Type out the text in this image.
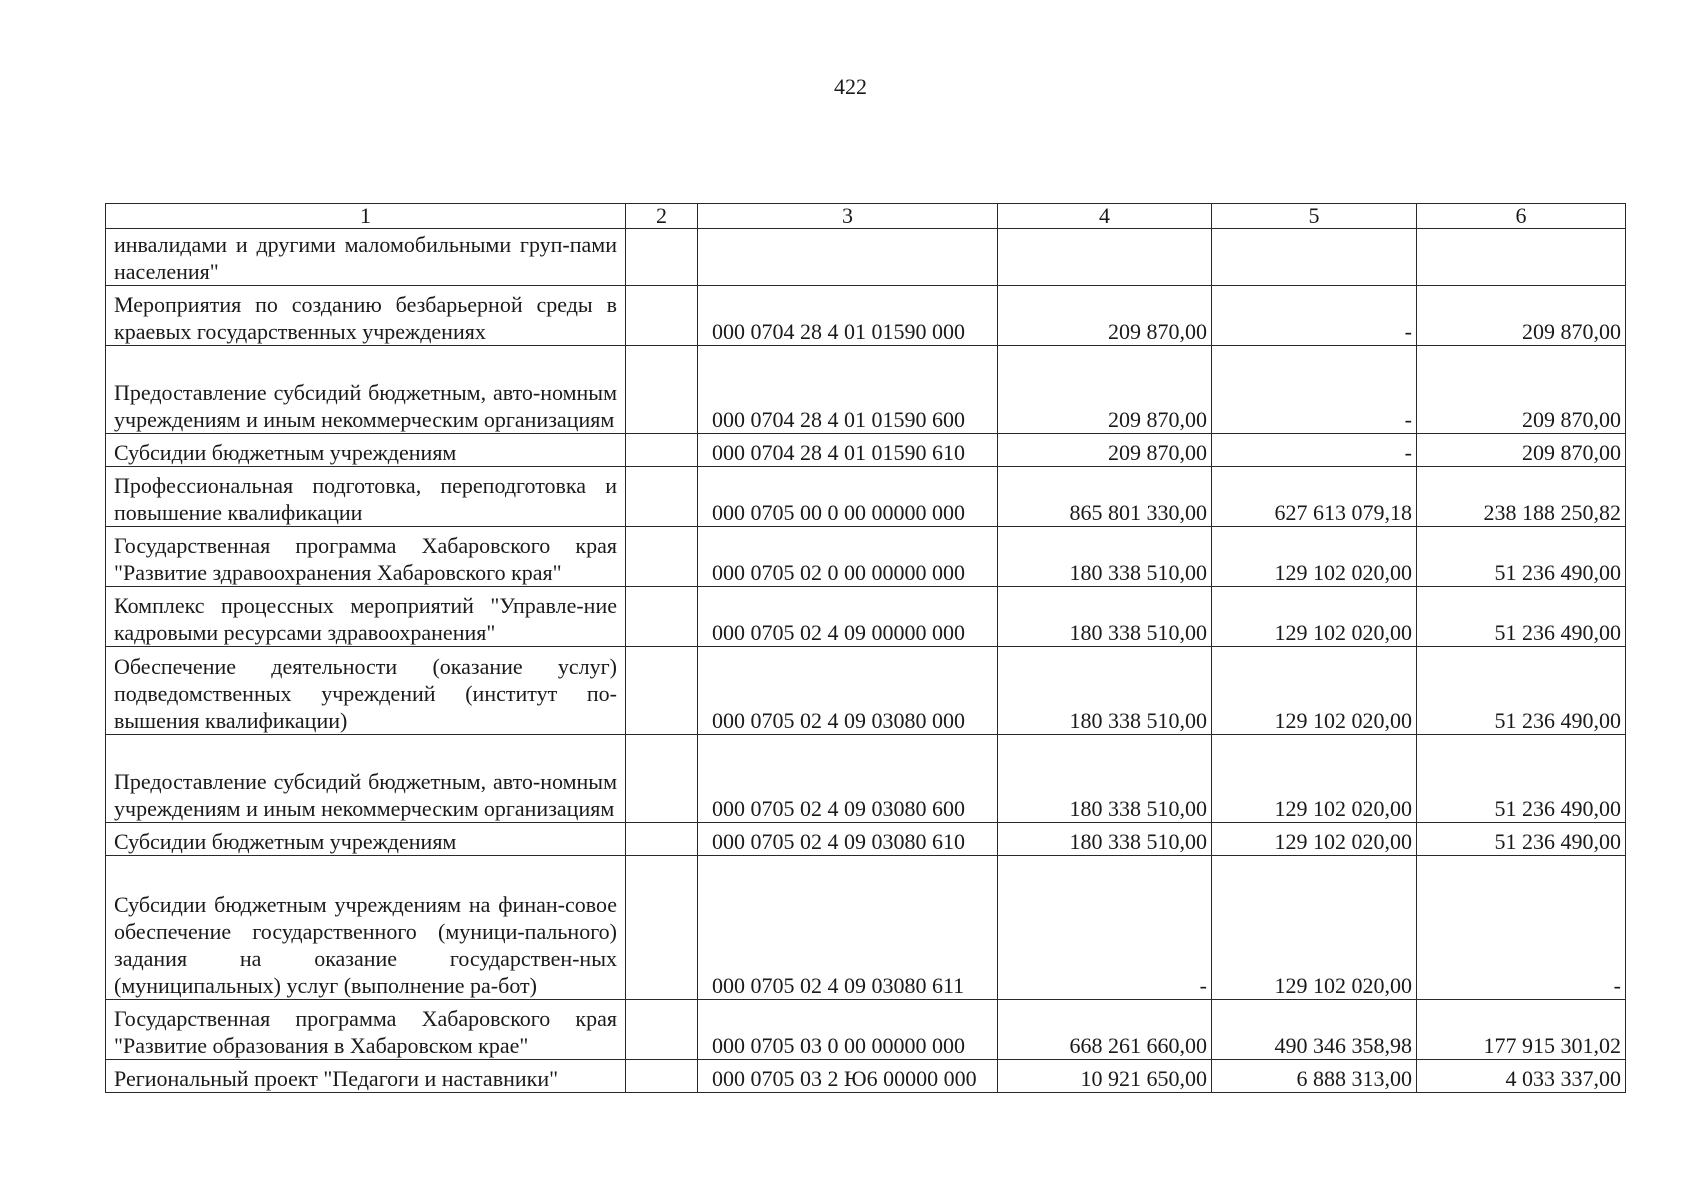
422
1	2	3	4	5	6
инвалидами и другими маломобильными груп-пами населения"					
Мероприятия по созданию безбарьерной среды в краевых государственных учреждениях		000 0704 28 4 01 01590 000	209 870,00	-	209 870,00
Предоставление субсидий бюджетным, авто-номным учреждениям и иным некоммерческим организациям		000 0704 28 4 01 01590 600	209 870,00	-	209 870,00
Субсидии бюджетным учреждениям		000 0704 28 4 01 01590 610	209 870,00	-	209 870,00
Профессиональная подготовка, переподготовка и повышение квалификации		000 0705 00 0 00 00000 000	865 801 330,00	627 613 079,18	238 188 250,82
Государственная программа Хабаровского края "Развитие здравоохранения Хабаровского края"		000 0705 02 0 00 00000 000	180 338 510,00	129 102 020,00	51 236 490,00
Комплекс процессных мероприятий "Управле-ние кадровыми ресурсами здравоохранения"		000 0705 02 4 09 00000 000	180 338 510,00	129 102 020,00	51 236 490,00
Обеспечение деятельности (оказание услуг) подведомственных учреждений (институт по-вышения квалификации)		000 0705 02 4 09 03080 000	180 338 510,00	129 102 020,00	51 236 490,00
Предоставление субсидий бюджетным, авто-номным учреждениям и иным некоммерческим организациям		000 0705 02 4 09 03080 600	180 338 510,00	129 102 020,00	51 236 490,00
Субсидии бюджетным учреждениям		000 0705 02 4 09 03080 610	180 338 510,00	129 102 020,00	51 236 490,00
Субсидии бюджетным учреждениям на финан-совое обеспечение государственного (муници-пального) задания на оказание государствен-ных (муниципальных) услуг (выполнение ра-бот)		000 0705 02 4 09 03080 611	-	129 102 020,00	-
Государственная программа Хабаровского края "Развитие образования в Хабаровском крае"		000 0705 03 0 00 00000 000	668 261 660,00	490 346 358,98	177 915 301,02
Региональный проект "Педагоги и наставники"		000 0705 03 2 Ю6 00000 000	10 921 650,00	6 888 313,00	4 033 337,00
